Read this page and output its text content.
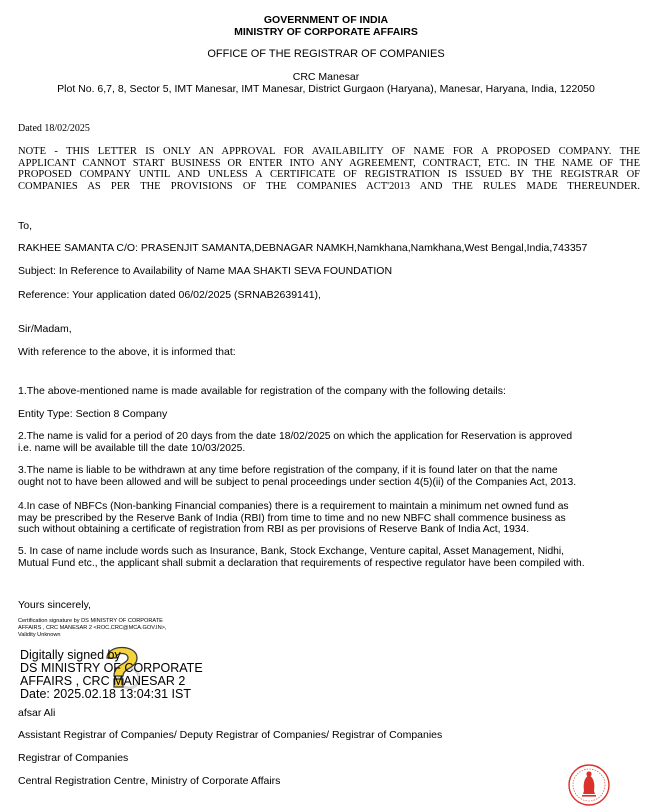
GOVERNMENT OF INDIA
MINISTRY OF CORPORATE AFFAIRS
OFFICE OF THE REGISTRAR OF COMPANIES
CRC Manesar
Plot No. 6,7, 8, Sector 5, IMT Manesar, IMT Manesar, District Gurgaon (Haryana), Manesar, Haryana, India, 122050
Dated 18/02/2025
NOTE - THIS LETTER IS ONLY AN APPROVAL FOR AVAILABILITY OF NAME FOR A PROPOSED COMPANY. THE
APPLICANT CANNOT START BUSINESS OR ENTER INTO ANY AGREEMENT, CONTRACT, ETC. IN THE NAME OF THE
PROPOSED COMPANY UNTIL AND UNLESS A CERTIFICATE OF REGISTRATION IS ISSUED BY THE REGISTRAR OF
COMPANIES AS PER THE PROVISIONS OF THE COMPANIES ACT'2013 AND THE RULES MADE THEREUNDER.
To,
RAKHEE SAMANTA C/O: PRASENJIT SAMANTA,DEBNAGAR NAMKH,Namkhana,Namkhana,West Bengal,India,743357
Subject: In Reference to Availability of Name MAA SHAKTI SEVA FOUNDATION
Reference: Your application dated 06/02/2025 (SRNAB2639141),
Sir/Madam,
With reference to the above, it is informed that:
1.The above-mentioned name is made available for registration of the company with the following details:
Entity Type: Section 8 Company
2.The name is valid for a period of 20 days from the date 18/02/2025 on which the application for Reservation is approved
i.e. name will be available till the date 10/03/2025.
3.The name is liable to be withdrawn at any time before registration of the company, if it is found later on that the name
ought not to have been allowed and will be subject to penal proceedings under section 4(5)(ii) of the Companies Act, 2013.
4.In case of NBFCs (Non-banking Financial companies) there is a requirement to maintain a minimum net owned fund as
may be prescribed by the Reserve Bank of India (RBI) from time to time and no new NBFC shall commence business as
such without obtaining a certificate of registration from RBI as per provisions of Reserve Bank of India Act, 1934.
5. In case of name include words such as Insurance, Bank, Stock Exchange, Venture capital, Asset Management, Nidhi,
Mutual Fund etc., the applicant shall submit a declaration that requirements of respective regulator have been compiled with.
Yours sincerely,
Certification signature by DS MINISTRY OF CORPORATE
AFFAIRS , CRC MANESAR 2 <ROC.CRC@MCA.GOV.IN>,
Validity Unknown
Digitally signed by
DS MINISTRY OF CORPORATE
AFFAIRS , CRC MANESAR 2
Date: 2025.02.18 13:04:31 IST
afsar Ali
Assistant Registrar of Companies/ Deputy Registrar of Companies/ Registrar of Companies
Registrar of Companies
Central Registration Centre, Ministry of Corporate Affairs
